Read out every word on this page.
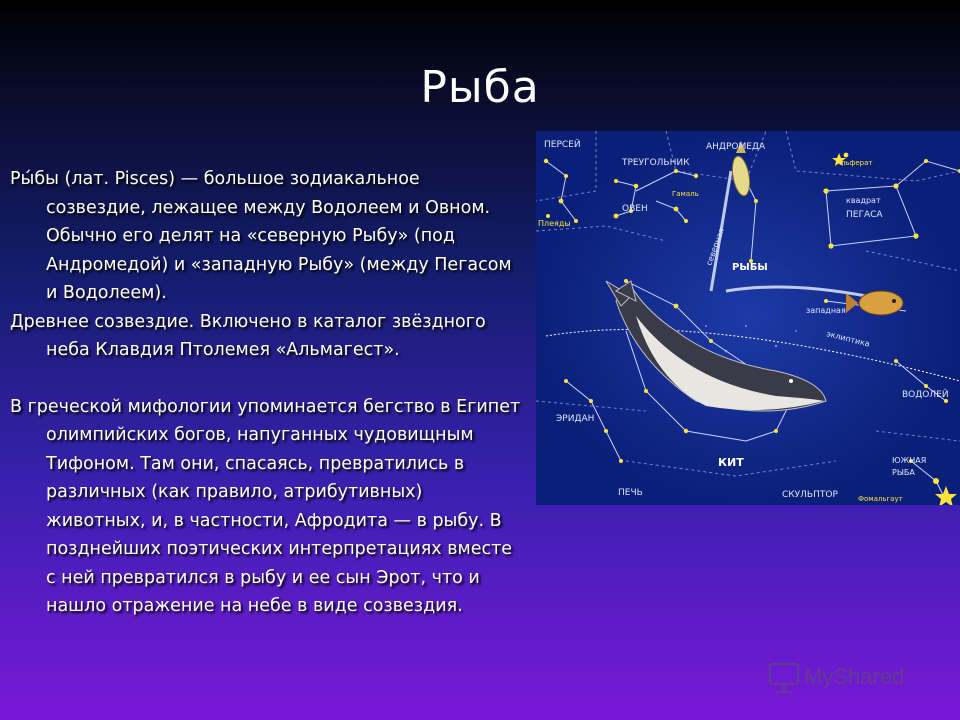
Рыба

Ры́бы (лат. Pisces) — большое зодиакальное созвездие, лежащее между Водолеем и Овном. Обычно его делят на «северную Рыбу» (под Андромедой) и «западную Рыбу» (между Пегасом и Водолеем).

Древнее созвездие. Включено в каталог звёздного неба Клавдия Птолемея «Альмагест».

В греческой мифологии упоминается бегство в Египет олимпийских богов, напуганных чудовищным Тифоном. Там они, спасаясь, превратились в различных (как правило, атрибутивных) животных, и, в частности, Афродита — в рыбу. В позднейших поэтических интерпретациях вместе с ней превратился в рыбу и ее сын Эрот, что и нашло отражение на небе в виде созвездия.

ПЕРСЕЙ	АНДРОМЕДА
ТРЕУГОЛЬНИК	Альферат
Гамаль
ОВЕН
квадрат
ПЕГАСА
Плеяды
северная
РЫБЫ
западная
эклиптика
ЭРИДАН
ВОДОЛЕЙ
КИТ	ЮЖНАЯ
РЫБА
ПЕЧЬ	СКУЛЬПТОР	Фомальгаут
MyShared
